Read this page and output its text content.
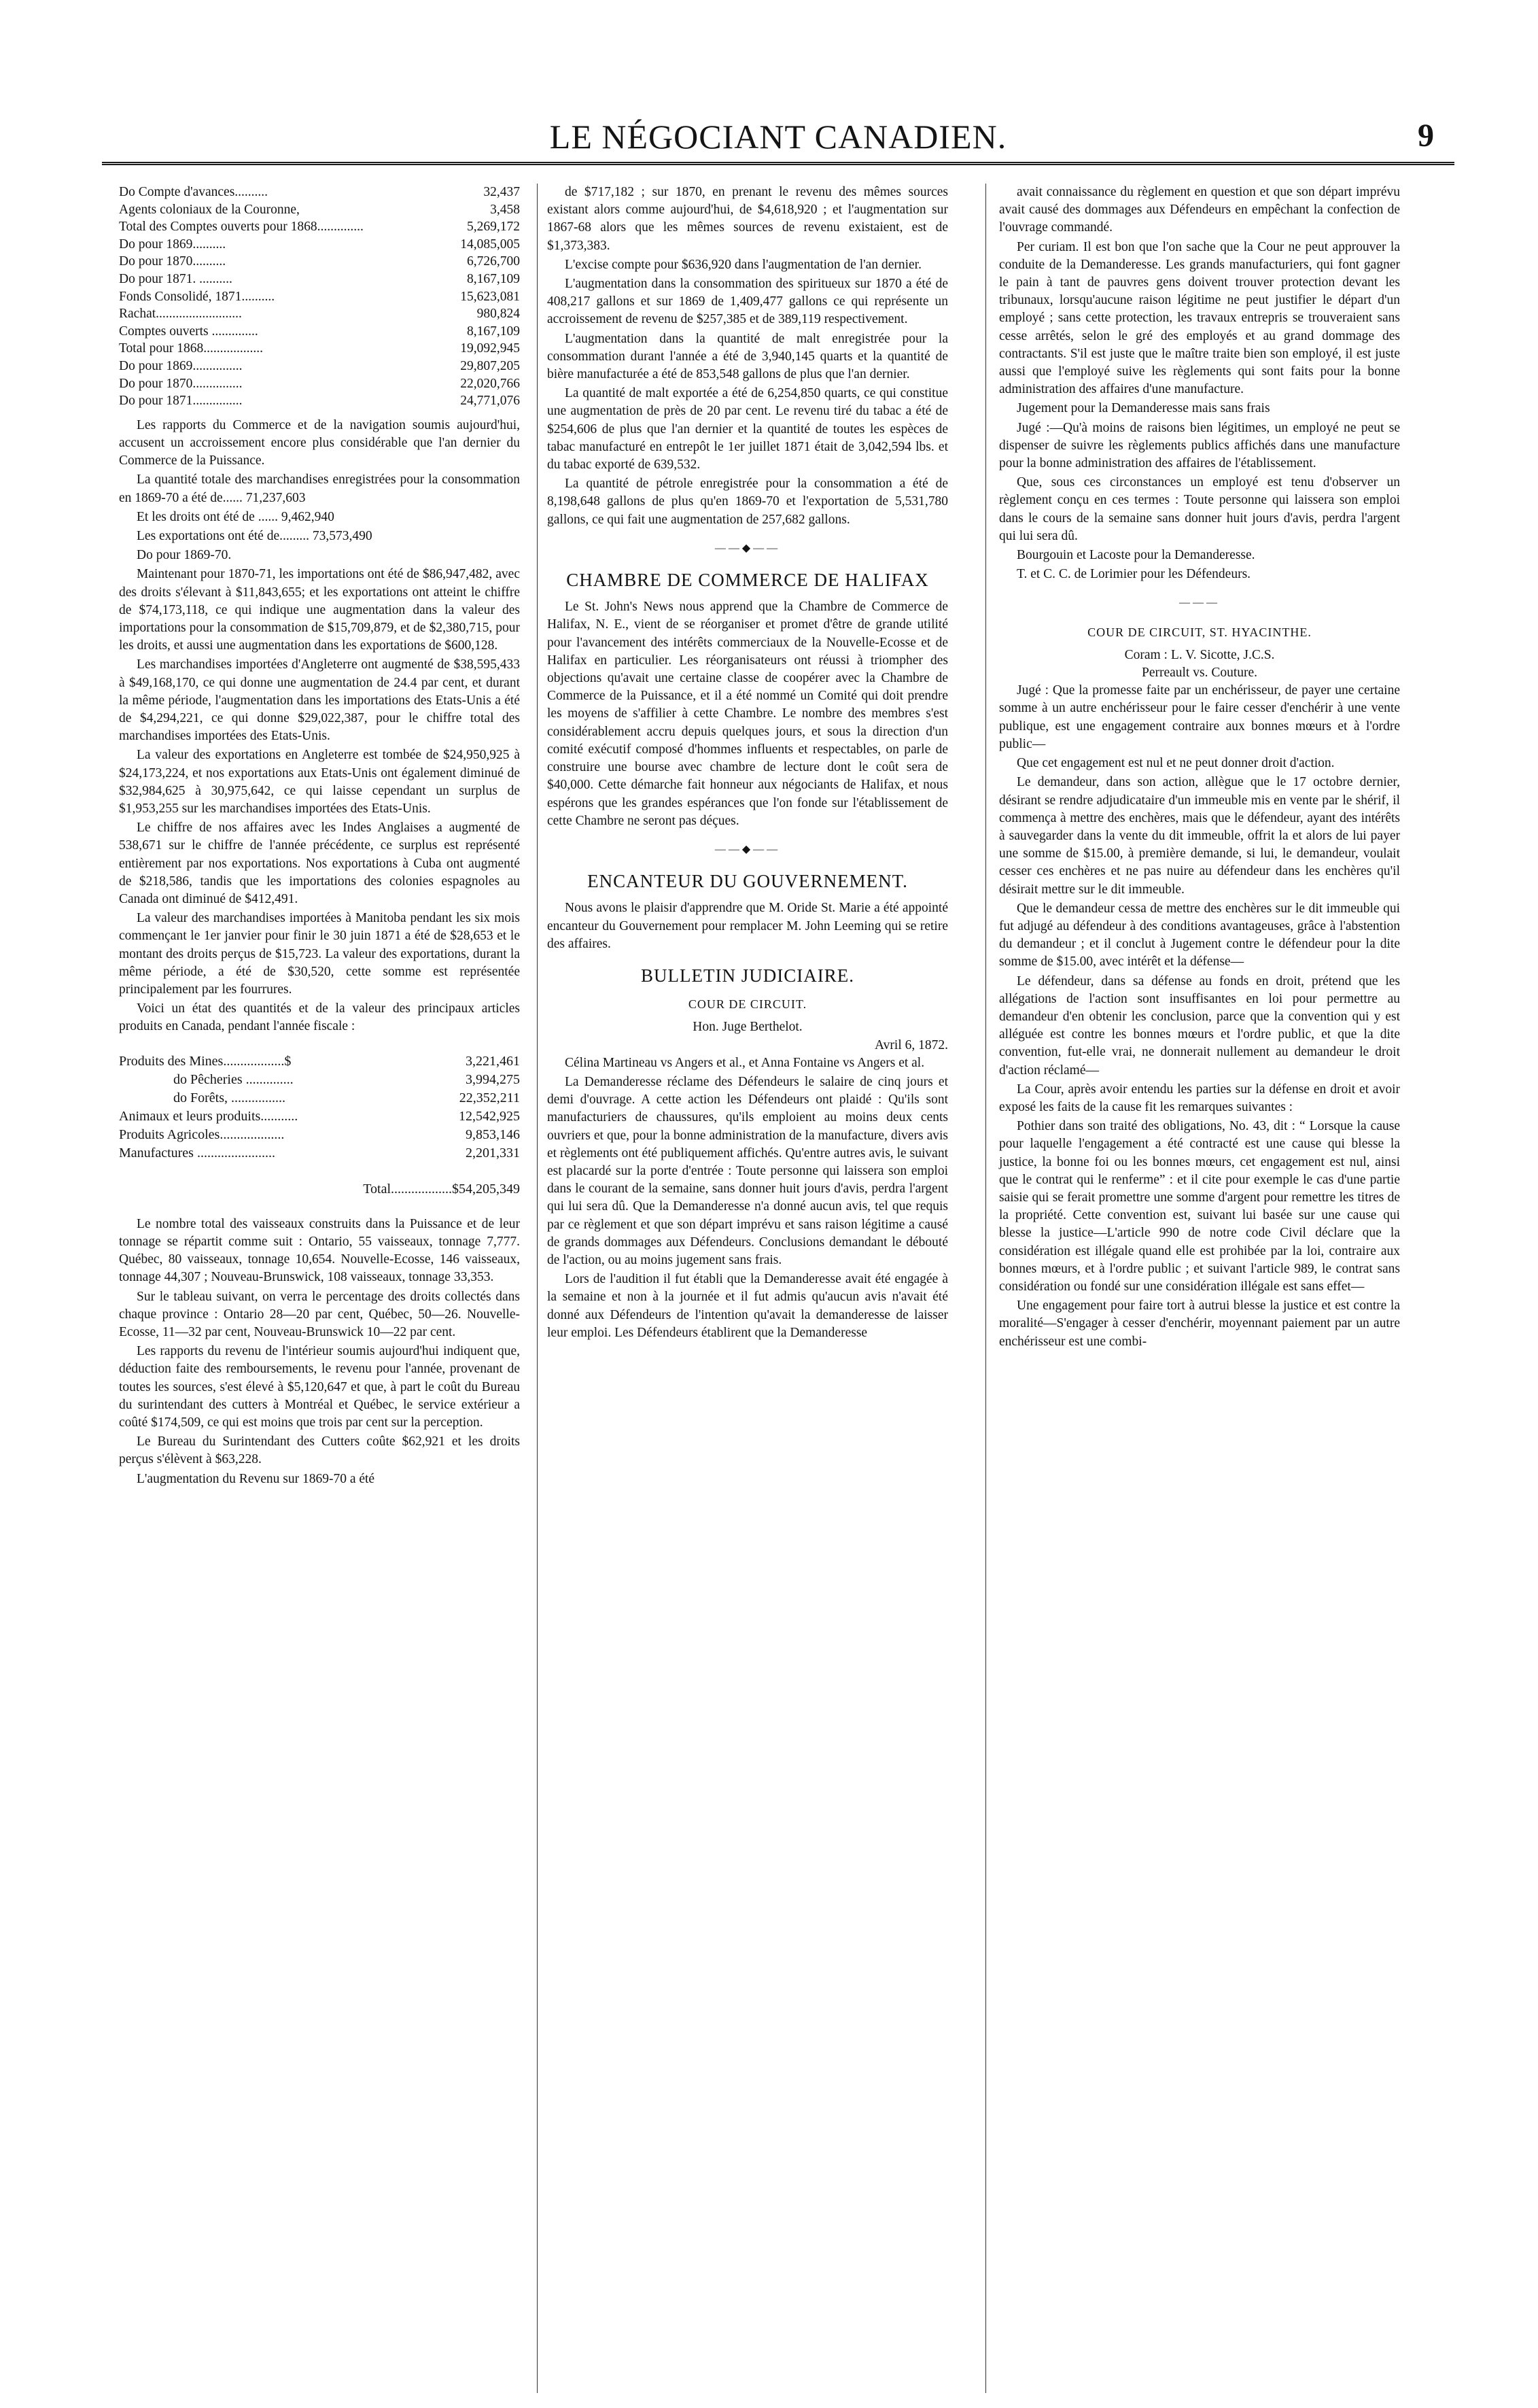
LE NÉGOCIANT CANADIEN.	9
Do Compte d'avances..........	32,437
Agents coloniaux de la Couronne,	3,458
Total des Comptes ouverts pour 1868..............	5,269,172
Do pour 1869..........	14,085,005
Do pour 1870..........	6,726,700
Do pour 1871. ..........	8,167,109
Fonds Consolidé, 1871..........	15,623,081
Rachat..........................	980,824
Comptes ouverts ..............	8,167,109
Total pour 1868..................	19,092,945
Do pour 1869...............	29,807,205
Do pour 1870...............	22,020,766
Do pour 1871...............	24,771,076

Les rapports du Commerce et de la navigation soumis aujourd'hui, accusent un accroissement encore plus considérable que l'an dernier du Commerce de la Puissance.

La quantité totale des marchandises enregistrées pour la consommation en 1869-70 a été de...... 71,237,603

Et les droits ont été de ...... 9,462,940

Les exportations ont été de......... 73,573,490

Do pour 1869-70.

Maintenant pour 1870-71, les importations ont été de $86,947,482, avec des droits s'élevant à $11,843,655; et les exportations ont atteint le chiffre de $74,173,118, ce qui indique une augmentation dans la valeur des importations pour la consommation de $15,709,879, et de $2,380,715, pour les droits, et aussi une augmentation dans les exportations de $600,128.

Les marchandises importées d'Angleterre ont augmenté de $38,595,433 à $49,168,170, ce qui donne une augmentation de 24.4 par cent, et durant la même période, l'augmentation dans les importations des Etats-Unis a été de $4,294,221, ce qui donne $29,022,387, pour le chiffre total des marchandises importées des Etats-Unis.

La valeur des exportations en Angleterre est tombée de $24,950,925 à $24,173,224, et nos exportations aux Etats-Unis ont également diminué de $32,984,625 à 30,975,642, ce qui laisse cependant un surplus de $1,953,255 sur les marchandises importées des Etats-Unis.

Le chiffre de nos affaires avec les Indes Anglaises a augmenté de 538,671 sur le chiffre de l'année précédente, ce surplus est représenté entièrement par nos exportations. Nos exportations à Cuba ont augmenté de $218,586, tandis que les importations des colonies espagnoles au Canada ont diminué de $412,491.

La valeur des marchandises importées à Manitoba pendant les six mois commençant le 1er janvier pour finir le 30 juin 1871 a été de $28,653 et le montant des droits perçus de $15,723. La valeur des exportations, durant la même période, a été de $30,520, cette somme est représentée principalement par les fourrures.

Voici un état des quantités et de la valeur des principaux articles produits en Canada, pendant l'année fiscale :

Produits des Mines..................$	3,221,461
do Pêcheries ..............	3,994,275
do Forêts, ................	22,352,211
Animaux et leurs produits...........	12,542,925
Produits Agricoles...................	9,853,146
Manufactures .......................	2,201,331
Total..................$54,205,349

Le nombre total des vaisseaux construits dans la Puissance et de leur tonnage se répartit comme suit : Ontario, 55 vaisseaux, tonnage 7,777. Québec, 80 vaisseaux, tonnage 10,654. Nouvelle-Ecosse, 146 vaisseaux, tonnage 44,307 ; Nouveau-Brunswick, 108 vaisseaux, tonnage 33,353.

Sur le tableau suivant, on verra le percentage des droits collectés dans chaque province : Ontario 28—20 par cent, Québec, 50—26. Nouvelle-Ecosse, 11—32 par cent, Nouveau-Brunswick 10—22 par cent.

Les rapports du revenu de l'intérieur soumis aujourd'hui indiquent que, déduction faite des remboursements, le revenu pour l'année, provenant de toutes les sources, s'est élevé à $5,120,647 et que, à part le coût du Bureau du surintendant des cutters à Montréal et Québec, le service extérieur a coûté $174,509, ce qui est moins que trois par cent sur la perception.

Le Bureau du Surintendant des Cutters coûte $62,921 et les droits perçus s'élèvent à $63,228.

L'augmentation du Revenu sur 1869-70 a été

de $717,182 ; sur 1870, en prenant le revenu des mêmes sources existant alors comme aujourd'hui, de $4,618,920 ; et l'augmentation sur 1867-68 alors que les mêmes sources de revenu existaient, est de $1,373,383.

L'excise compte pour $636,920 dans l'augmentation de l'an dernier.

L'augmentation dans la consommation des spiritueux sur 1870 a été de 408,217 gallons et sur 1869 de 1,409,477 gallons ce qui représente un accroissement de revenu de $257,385 et de 389,119 respectivement.

L'augmentation dans la quantité de malt enregistrée pour la consommation durant l'année a été de 3,940,145 quarts et la quantité de bière manufacturée a été de 853,548 gallons de plus que l'an dernier.

La quantité de malt exportée a été de 6,254,850 quarts, ce qui constitue une augmentation de près de 20 par cent. Le revenu tiré du tabac a été de $254,606 de plus que l'an dernier et la quantité de toutes les espèces de tabac manufacturé en entrepôt le 1er juillet 1871 était de 3,042,594 lbs. et du tabac exporté de 639,532.

La quantité de pétrole enregistrée pour la consommation a été de 8,198,648 gallons de plus qu'en 1869-70 et l'exportation de 5,531,780 gallons, ce qui fait une augmentation de 257,682 gallons.

——◆——
CHAMBRE DE COMMERCE DE HALIFAX

Le St. John's News nous apprend que la Chambre de Commerce de Halifax, N. E., vient de se réorganiser et promet d'être de grande utilité pour l'avancement des intérêts commerciaux de la Nouvelle-Ecosse et de Halifax en particulier. Les réorganisateurs ont réussi à triompher des objections qu'avait une certaine classe de coopérer avec la Chambre de Commerce de la Puissance, et il a été nommé un Comité qui doit prendre les moyens de s'affilier à cette Chambre. Le nombre des membres s'est considérablement accru depuis quelques jours, et sous la direction d'un comité exécutif composé d'hommes influents et respectables, on parle de construire une bourse avec chambre de lecture dont le coût sera de $40,000. Cette démarche fait honneur aux négociants de Halifax, et nous espérons que les grandes espérances que l'on fonde sur l'établissement de cette Chambre ne seront pas déçues.

——◆——
ENCANTEUR DU GOUVERNEMENT.

Nous avons le plaisir d'apprendre que M. Oride St. Marie a été appointé encanteur du Gouvernement pour remplacer M. John Leeming qui se retire des affaires.

BULLETIN JUDICIAIRE.
COUR DE CIRCUIT.
Hon. Juge Berthelot.
Avril 6, 1872.

Célina Martineau vs Angers et al., et Anna Fontaine vs Angers et al.

La Demanderesse réclame des Défendeurs le salaire de cinq jours et demi d'ouvrage. A cette action les Défendeurs ont plaidé : Qu'ils sont manufacturiers de chaussures, qu'ils emploient au moins deux cents ouvriers et que, pour la bonne administration de la manufacture, divers avis et règlements ont été publiquement affichés. Qu'entre autres avis, le suivant est placardé sur la porte d'entrée : Toute personne qui laissera son emploi dans le courant de la semaine, sans donner huit jours d'avis, perdra l'argent qui lui sera dû. Que la Demanderesse n'a donné aucun avis, tel que requis par ce règlement et que son départ imprévu et sans raison légitime a causé de grands dommages aux Défendeurs. Conclusions demandant le débouté de l'action, ou au moins jugement sans frais.

Lors de l'audition il fut établi que la Demanderesse avait été engagée à la semaine et non à la journée et il fut admis qu'aucun avis n'avait été donné aux Défendeurs de l'intention qu'avait la demanderesse de laisser leur emploi. Les Défendeurs établirent que la Demanderesse

avait connaissance du règlement en question et que son départ imprévu avait causé des dommages aux Défendeurs en empêchant la confection de l'ouvrage commandé.

Per curiam. Il est bon que l'on sache que la Cour ne peut approuver la conduite de la Demanderesse. Les grands manufacturiers, qui font gagner le pain à tant de pauvres gens doivent trouver protection devant les tribunaux, lorsqu'aucune raison légitime ne peut justifier le départ d'un employé ; sans cette protection, les travaux entrepris se trouveraient sans cesse arrêtés, selon le gré des employés et au grand dommage des contractants. S'il est juste que le maître traite bien son employé, il est juste aussi que l'employé suive les règlements qui sont faits pour la bonne administration des affaires d'une manufacture.

Jugement pour la Demanderesse mais sans frais

Jugé :—Qu'à moins de raisons bien légitimes, un employé ne peut se dispenser de suivre les règlements publics affichés dans une manufacture pour la bonne administration des affaires de l'établissement.

Que, sous ces circonstances un employé est tenu d'observer un règlement conçu en ces termes : Toute personne qui laissera son emploi dans le cours de la semaine sans donner huit jours d'avis, perdra l'argent qui lui sera dû.

Bourgouin et Lacoste pour la Demanderesse.

T. et C. C. de Lorimier pour les Défendeurs.

———
COUR DE CIRCUIT, ST. HYACINTHE.
Coram : L. V. Sicotte, J.C.S.
Perreault vs. Couture.

Jugé : Que la promesse faite par un enchérisseur, de payer une certaine somme à un autre enchérisseur pour le faire cesser d'enchérir à une vente publique, est une engagement contraire aux bonnes mœurs et à l'ordre public—

Que cet engagement est nul et ne peut donner droit d'action.

Le demandeur, dans son action, allègue que le 17 octobre dernier, désirant se rendre adjudicataire d'un immeuble mis en vente par le shérif, il commença à mettre des enchères, mais que le défendeur, ayant des intérêts à sauvegarder dans la vente du dit immeuble, offrit la et alors de lui payer une somme de $15.00, à première demande, si lui, le demandeur, voulait cesser ces enchères et ne pas nuire au défendeur dans les enchères qu'il désirait mettre sur le dit immeuble.

Que le demandeur cessa de mettre des enchères sur le dit immeuble qui fut adjugé au défendeur à des conditions avantageuses, grâce à l'abstention du demandeur ; et il conclut à Jugement contre le défendeur pour la dite somme de $15.00, avec intérêt et la défense—

Le défendeur, dans sa défense au fonds en droit, prétend que les allégations de l'action sont insuffisantes en loi pour permettre au demandeur d'en obtenir les conclusion, parce que la convention qui y est alléguée est contre les bonnes mœurs et l'ordre public, et que la dite convention, fut-elle vrai, ne donnerait nullement au demandeur le droit d'action réclamé—

La Cour, après avoir entendu les parties sur la défense en droit et avoir exposé les faits de la cause fit les remarques suivantes :

Pothier dans son traité des obligations, No. 43, dit : “ Lorsque la cause pour laquelle l'engagement a été contracté est une cause qui blesse la justice, la bonne foi ou les bonnes mœurs, cet engagement est nul, ainsi que le contrat qui le renferme” : et il cite pour exemple le cas d'une partie saisie qui se ferait promettre une somme d'argent pour remettre les titres de la propriété. Cette convention est, suivant lui basée sur une cause qui blesse la justice—L'article 990 de notre code Civil déclare que la considération est illégale quand elle est prohibée par la loi, contraire aux bonnes mœurs, et à l'ordre public ; et suivant l'article 989, le contrat sans considération ou fondé sur une considération illégale est sans effet—

Une engagement pour faire tort à autrui blesse la justice et est contre la moralité—S'engager à cesser d'enchérir, moyennant paiement par un autre enchérisseur est une combi-
